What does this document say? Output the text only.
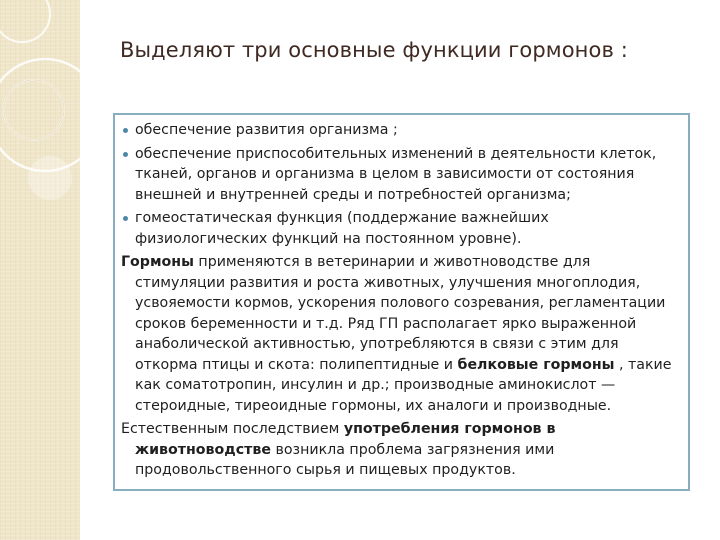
Выделяют три основные функции гормонов :
обеспечение развития организма ;
обеспечение приспособительных изменений в деятельности клеток, тканей, органов и организма в целом в зависимости от состояния внешней и внутренней среды и потребностей организма;
гомеостатическая функция (поддержание важнейших физиологических функций на постоянном уровне).
Гормоны применяются в ветеринарии и животноводстве для стимуляции развития и роста животных, улучшения многоплодия, усвояемости кормов, ускорения полового созревания, регламентации сроков беременности и т.д. Ряд ГП располагает ярко выраженной анаболической активностью, употребляются в связи с этим для откорма птицы и скота: полипептидные и белковые гормоны , такие как соматотропин, инсулин и др.; производные аминокислот — стероидные, тиреоидные гормоны, их аналоги и производные.
Естественным последствием употребления гормонов в животноводстве возникла проблема загрязнения ими продовольственного сырья и пищевых продуктов.
